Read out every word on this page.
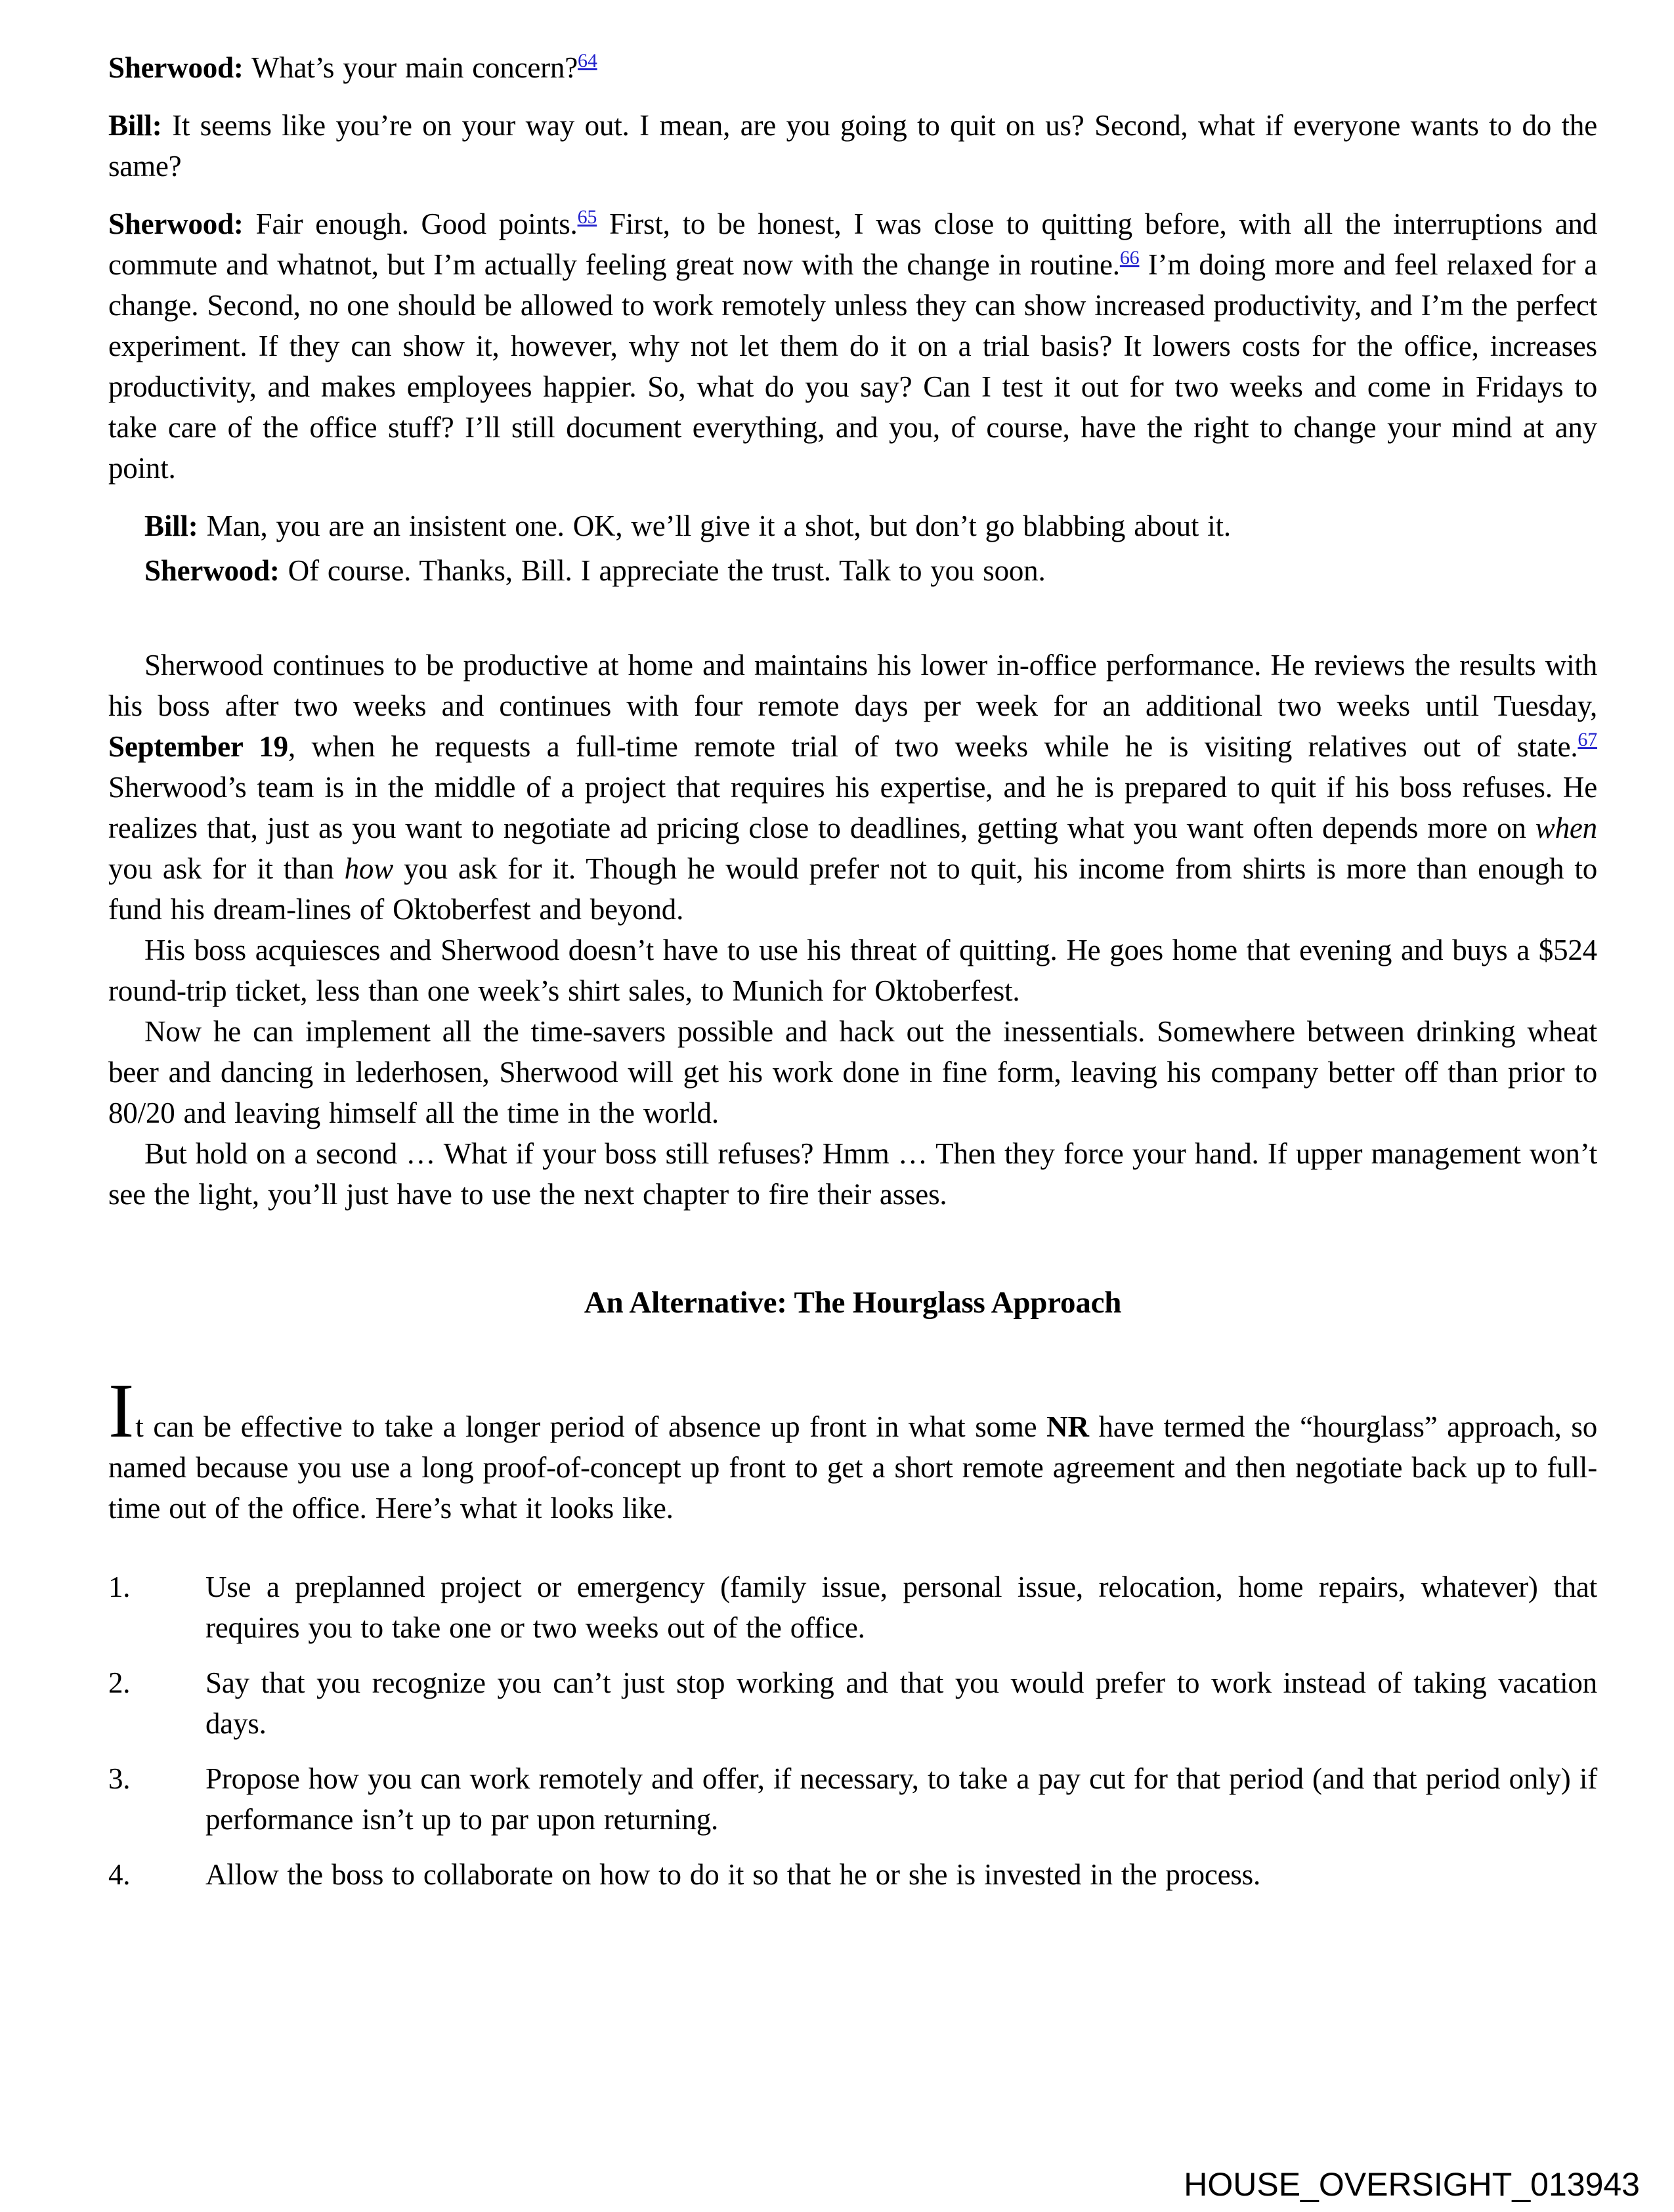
Sherwood: What’s your main concern?$^{64}$

Bill: It seems like you’re on your way out. I mean, are you going to quit on us? Second, what if everyone wants to do the same?

Sherwood: Fair enough. Good points.$^{65}$ First, to be honest, I was close to quitting before, with all the interruptions and commute and whatnot, but I’m actually feeling great now with the change in routine.$^{66}$ I’m doing more and feel relaxed for a change. Second, no one should be allowed to work remotely unless they can show increased productivity, and I’m the perfect experiment. If they can show it, however, why not let them do it on a trial basis? It lowers costs for the office, increases productivity, and makes employees happier. So, what do you say? Can I test it out for two weeks and come in Fridays to take care of the office stuff? I’ll still document everything, and you, of course, have the right to change your mind at any point.

Bill: Man, you are an insistent one. OK, we’ll give it a shot, but don’t go blabbing about it.

Sherwood: Of course. Thanks, Bill. I appreciate the trust. Talk to you soon.

Sherwood continues to be productive at home and maintains his lower in-office performance. He reviews the results with his boss after two weeks and continues with four remote days per week for an additional two weeks until Tuesday, September 19, when he requests a full-time remote trial of two weeks while he is visiting relatives out of state.$^{67}$ Sherwood’s team is in the middle of a project that requires his expertise, and he is prepared to quit if his boss refuses. He realizes that, just as you want to negotiate ad pricing close to deadlines, getting what you want often depends more on when you ask for it than how you ask for it. Though he would prefer not to quit, his income from shirts is more than enough to fund his dream-lines of Oktoberfest and beyond.

His boss acquiesces and Sherwood doesn’t have to use his threat of quitting. He goes home that evening and buys a $524 round-trip ticket, less than one week’s shirt sales, to Munich for Oktoberfest.

Now he can implement all the time-savers possible and hack out the inessentials. Somewhere between drinking wheat beer and dancing in lederhosen, Sherwood will get his work done in fine form, leaving his company better off than prior to 80/20 and leaving himself all the time in the world.

But hold on a second … What if your boss still refuses? Hmm … Then they force your hand. If upper management won’t see the light, you’ll just have to use the next chapter to fire their asses.

An Alternative: The Hourglass Approach

It can be effective to take a longer period of absence up front in what some NR have termed the “hourglass” approach, so named because you use a long proof-of-concept up front to get a short remote agreement and then negotiate back up to full-time out of the office. Here’s what it looks like.

1.	Use a preplanned project or emergency (family issue, personal issue, relocation, home repairs, whatever) that requires you to take one or two weeks out of the office.

2.	Say that you recognize you can’t just stop working and that you would prefer to work instead of taking vacation days.

3.	Propose how you can work remotely and offer, if necessary, to take a pay cut for that period (and that period only) if performance isn’t up to par upon returning.

4.	Allow the boss to collaborate on how to do it so that he or she is invested in the process.

HOUSE_OVERSIGHT_013943
